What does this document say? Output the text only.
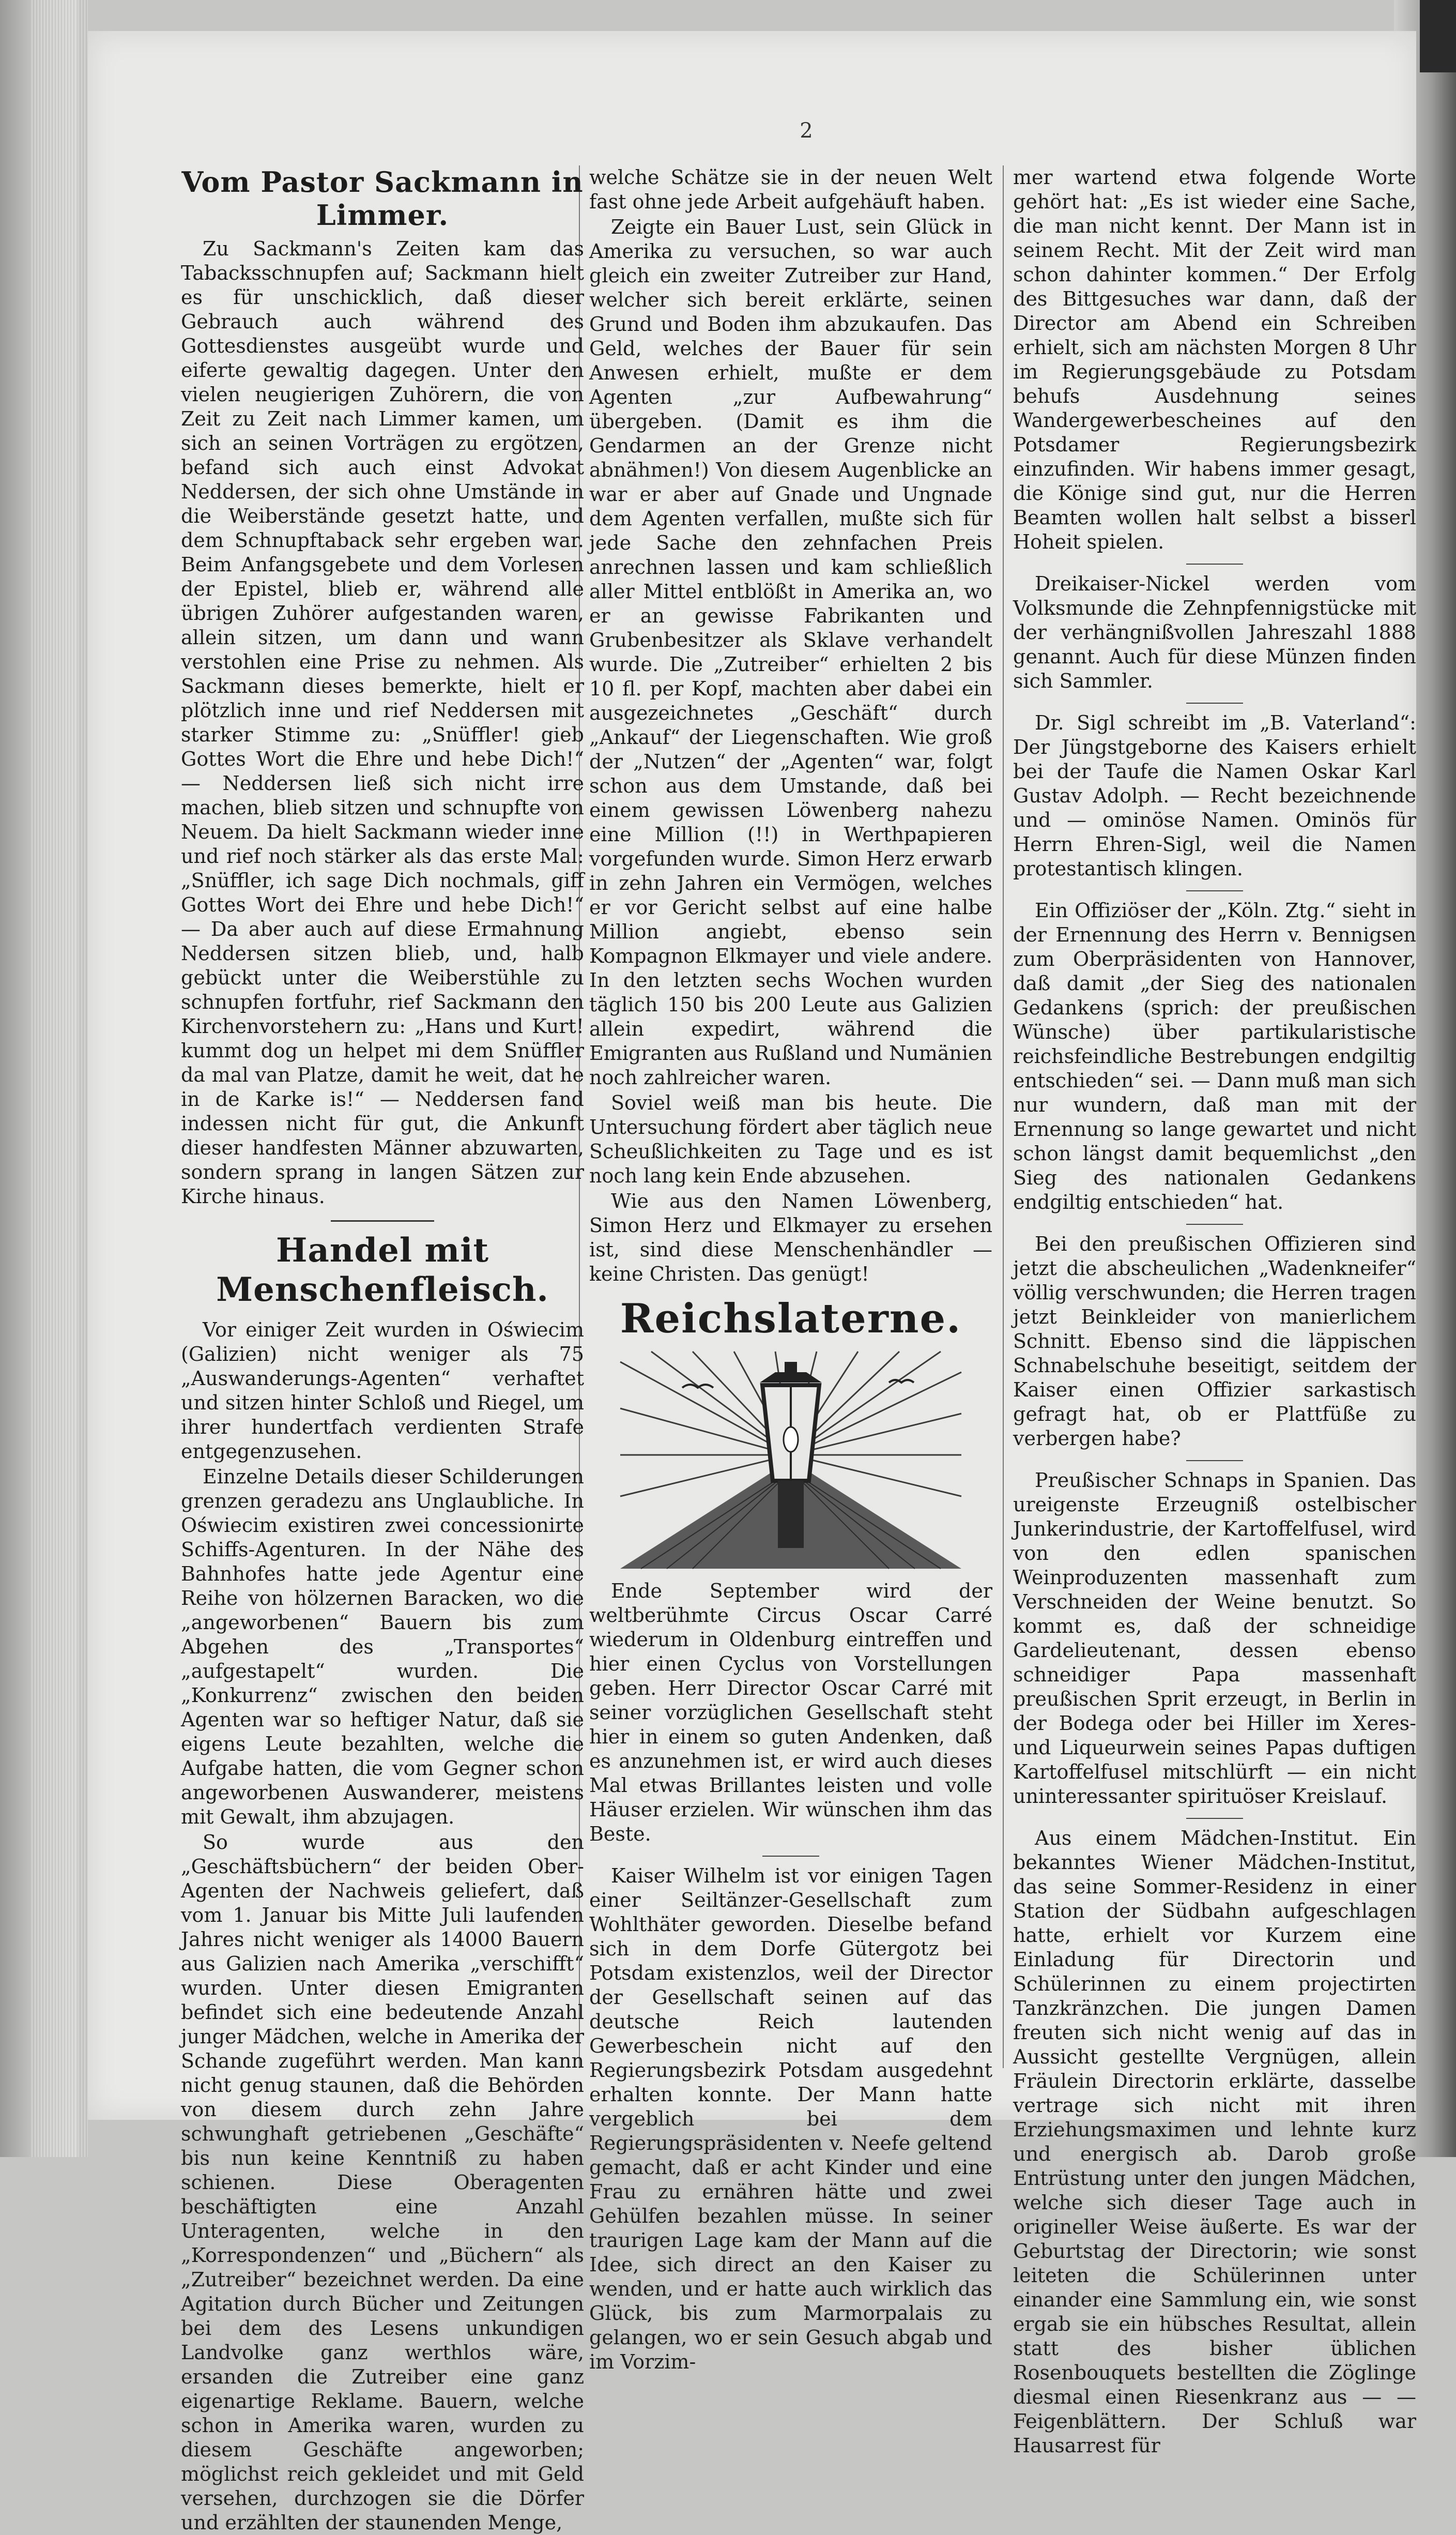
2
Vom Pastor Sackmann in Limmer.

Zu Sackmann's Zeiten kam das Tabacksschnupfen auf; Sackmann hielt es für unschicklich, daß dieser Gebrauch auch während des Gottesdienstes ausgeübt wurde und eiferte gewaltig dagegen. Unter den vielen neugierigen Zuhörern, die von Zeit zu Zeit nach Limmer kamen, um sich an seinen Vorträgen zu ergötzen, befand sich auch einst Advokat Neddersen, der sich ohne Umstände in die Weiberstände gesetzt hatte, und dem Schnupftaback sehr ergeben war. Beim Anfangsgebete und dem Vorlesen der Epistel, blieb er, während alle übrigen Zuhörer aufgestanden waren, allein sitzen, um dann und wann verstohlen eine Prise zu nehmen. Als Sackmann dieses bemerkte, hielt er plötzlich inne und rief Neddersen mit starker Stimme zu: „Snüffler! gieb Gottes Wort die Ehre und hebe Dich!“ — Neddersen ließ sich nicht irre machen, blieb sitzen und schnupfte von Neuem. Da hielt Sackmann wieder inne und rief noch stärker als das erste Mal: „Snüffler, ich sage Dich nochmals, giff Gottes Wort dei Ehre und hebe Dich!“ — Da aber auch auf diese Ermahnung Neddersen sitzen blieb, und, halb gebückt unter die Weiberstühle zu schnupfen fortfuhr, rief Sackmann den Kirchenvorstehern zu: „Hans und Kurt! kummt dog un helpet mi dem Snüffler da mal van Platze, damit he weit, dat he in de Karke is!“ — Neddersen fand indessen nicht für gut, die Ankunft dieser handfesten Männer abzuwarten, sondern sprang in langen Sätzen zur Kirche hinaus.

Handel mit Menschenfleisch.

Vor einiger Zeit wurden in Oświecim (Galizien) nicht weniger als 75 „Auswanderungs-Agenten“ verhaftet und sitzen hinter Schloß und Riegel, um ihrer hundertfach verdienten Strafe entgegenzusehen.

Einzelne Details dieser Schilderungen grenzen geradezu ans Unglaubliche. In Oświecim existiren zwei concessionirte Schiffs-Agenturen. In der Nähe des Bahnhofes hatte jede Agentur eine Reihe von hölzernen Baracken, wo die „angeworbenen“ Bauern bis zum Abgehen des „Transportes“ „aufgestapelt“ wurden. Die „Konkurrenz“ zwischen den beiden Agenten war so heftiger Natur, daß sie eigens Leute bezahlten, welche die Aufgabe hatten, die vom Gegner schon angeworbenen Auswanderer, meistens mit Gewalt, ihm abzujagen.

So wurde aus den „Geschäftsbüchern“ der beiden Ober-Agenten der Nachweis geliefert, daß vom 1. Januar bis Mitte Juli laufenden Jahres nicht weniger als 14000 Bauern aus Galizien nach Amerika „verschifft“ wurden. Unter diesen Emigranten befindet sich eine bedeutende Anzahl junger Mädchen, welche in Amerika der Schande zugeführt werden. Man kann nicht genug staunen, daß die Behörden von diesem durch zehn Jahre schwunghaft getriebenen „Geschäfte“ bis nun keine Kenntniß zu haben schienen. Diese Oberagenten beschäftigten eine Anzahl Unteragenten, welche in den „Korrespondenzen“ und „Büchern“ als „Zutreiber“ bezeichnet werden. Da eine Agitation durch Bücher und Zeitungen bei dem des Lesens unkundigen Landvolke ganz werthlos wäre, ersanden die Zutreiber eine ganz eigenartige Reklame. Bauern, welche schon in Amerika waren, wurden zu diesem Geschäfte angeworben; möglichst reich gekleidet und mit Geld versehen, durchzogen sie die Dörfer und erzählten der staunenden Menge,

welche Schätze sie in der neuen Welt fast ohne jede Arbeit aufgehäuft haben.

Zeigte ein Bauer Lust, sein Glück in Amerika zu versuchen, so war auch gleich ein zweiter Zutreiber zur Hand, welcher sich bereit erklärte, seinen Grund und Boden ihm abzukaufen. Das Geld, welches der Bauer für sein Anwesen erhielt, mußte er dem Agenten „zur Aufbewahrung“ übergeben. (Damit es ihm die Gendarmen an der Grenze nicht abnähmen!) Von diesem Augenblicke an war er aber auf Gnade und Ungnade dem Agenten verfallen, mußte sich für jede Sache den zehnfachen Preis anrechnen lassen und kam schließlich aller Mittel entblößt in Amerika an, wo er an gewisse Fabrikanten und Grubenbesitzer als Sklave verhandelt wurde. Die „Zutreiber“ erhielten 2 bis 10 fl. per Kopf, machten aber dabei ein ausgezeichnetes „Geschäft“ durch „Ankauf“ der Liegenschaften. Wie groß der „Nutzen“ der „Agenten“ war, folgt schon aus dem Umstande, daß bei einem gewissen Löwenberg nahezu eine Million (!!) in Werthpapieren vorgefunden wurde. Simon Herz erwarb in zehn Jahren ein Vermögen, welches er vor Gericht selbst auf eine halbe Million angiebt, ebenso sein Kompagnon Elkmayer und viele andere. In den letzten sechs Wochen wurden täglich 150 bis 200 Leute aus Galizien allein expedirt, während die Emigranten aus Rußland und Numänien noch zahlreicher waren.

Soviel weiß man bis heute. Die Untersuchung fördert aber täglich neue Scheußlichkeiten zu Tage und es ist noch lang kein Ende abzusehen.

Wie aus den Namen Löwenberg, Simon Herz und Elkmayer zu ersehen ist, sind diese Menschenhändler — keine Christen. Das genügt!

Reichslaterne.

Ende September wird der weltberühmte Circus Oscar Carré wiederum in Oldenburg eintreffen und hier einen Cyclus von Vorstellungen geben. Herr Director Oscar Carré mit seiner vorzüglichen Gesellschaft steht hier in einem so guten Andenken, daß es anzunehmen ist, er wird auch dieses Mal etwas Brillantes leisten und volle Häuser erzielen. Wir wünschen ihm das Beste.

Kaiser Wilhelm ist vor einigen Tagen einer Seiltänzer-Gesellschaft zum Wohlthäter geworden. Dieselbe befand sich in dem Dorfe Gütergotz bei Potsdam existenzlos, weil der Director der Gesellschaft seinen auf das deutsche Reich lautenden Gewerbeschein nicht auf den Regierungsbezirk Potsdam ausgedehnt erhalten konnte. Der Mann hatte vergeblich bei dem Regierungspräsidenten v. Neefe geltend gemacht, daß er acht Kinder und eine Frau zu ernähren hätte und zwei Gehülfen bezahlen müsse. In seiner traurigen Lage kam der Mann auf die Idee, sich direct an den Kaiser zu wenden, und er hatte auch wirklich das Glück, bis zum Marmorpalais zu gelangen, wo er sein Gesuch abgab und im Vorzim-

mer wartend etwa folgende Worte gehört hat: „Es ist wieder eine Sache, die man nicht kennt. Der Mann ist in seinem Recht. Mit der Zeit wird man schon dahinter kommen.“ Der Erfolg des Bittgesuches war dann, daß der Director am Abend ein Schreiben erhielt, sich am nächsten Morgen 8 Uhr im Regierungsgebäude zu Potsdam behufs Ausdehnung seines Wandergewerbescheines auf den Potsdamer Regierungsbezirk einzufinden. Wir habens immer gesagt, die Könige sind gut, nur die Herren Beamten wollen halt selbst a bisserl Hoheit spielen.

Dreikaiser-Nickel werden vom Volksmunde die Zehnpfennigstücke mit der verhängnißvollen Jahreszahl 1888 genannt. Auch für diese Münzen finden sich Sammler.

Dr. Sigl schreibt im „B. Vaterland“: Der Jüngstgeborne des Kaisers erhielt bei der Taufe die Namen Oskar Karl Gustav Adolph. — Recht bezeichnende und — ominöse Namen. Ominös für Herrn Ehren-Sigl, weil die Namen protestantisch klingen.

Ein Offiziöser der „Köln. Ztg.“ sieht in der Ernennung des Herrn v. Bennigsen zum Oberpräsidenten von Hannover, daß damit „der Sieg des nationalen Gedankens (sprich: der preußischen Wünsche) über partikularistische reichsfeindliche Bestrebungen endgiltig entschieden“ sei. — Dann muß man sich nur wundern, daß man mit der Ernennung so lange gewartet und nicht schon längst damit bequemlichst „den Sieg des nationalen Gedankens endgiltig entschieden“ hat.

Bei den preußischen Offizieren sind jetzt die abscheulichen „Wadenkneifer“ völlig verschwunden; die Herren tragen jetzt Beinkleider von manierlichem Schnitt. Ebenso sind die läppischen Schnabelschuhe beseitigt, seitdem der Kaiser einen Offizier sarkastisch gefragt hat, ob er Plattfüße zu verbergen habe?

Preußischer Schnaps in Spanien. Das ureigenste Erzeugniß ostelbischer Junkerindustrie, der Kartoffelfusel, wird von den edlen spanischen Weinproduzenten massenhaft zum Verschneiden der Weine benutzt. So kommt es, daß der schneidige Gardelieutenant, dessen ebenso schneidiger Papa massenhaft preußischen Sprit erzeugt, in Berlin in der Bodega oder bei Hiller im Xeres- und Liqueurwein seines Papas duftigen Kartoffelfusel mitschlürft — ein nicht uninteressanter spirituöser Kreislauf.

Aus einem Mädchen-Institut. Ein bekanntes Wiener Mädchen-Institut, das seine Sommer-Residenz in einer Station der Südbahn aufgeschlagen hatte, erhielt vor Kurzem eine Einladung für Directorin und Schülerinnen zu einem projectirten Tanzkränzchen. Die jungen Damen freuten sich nicht wenig auf das in Aussicht gestellte Vergnügen, allein Fräulein Directorin erklärte, dasselbe vertrage sich nicht mit ihren Erziehungsmaximen und lehnte kurz und energisch ab. Darob große Entrüstung unter den jungen Mädchen, welche sich dieser Tage auch in origineller Weise äußerte. Es war der Geburtstag der Directorin; wie sonst leiteten die Schülerinnen unter einander eine Sammlung ein, wie sonst ergab sie ein hübsches Resultat, allein statt des bisher üblichen Rosenbouquets bestellten die Zöglinge diesmal einen Riesenkranz aus — — Feigenblättern. Der Schluß war Hausarrest für
